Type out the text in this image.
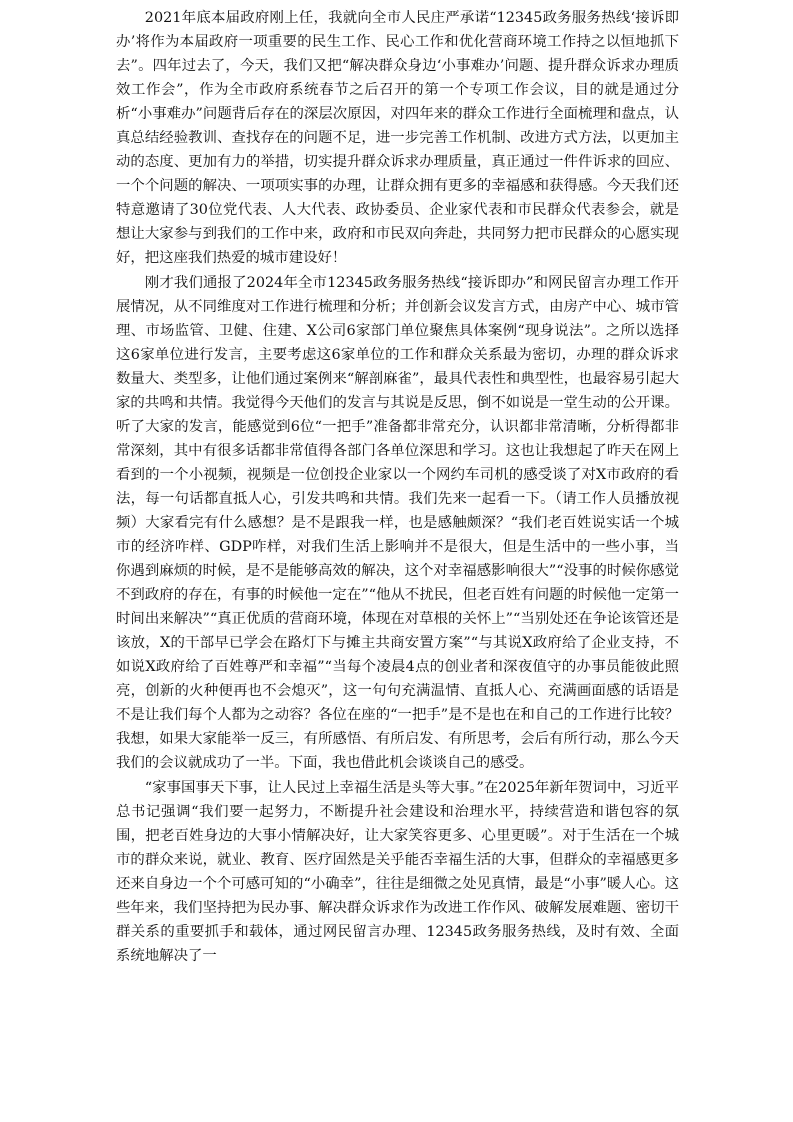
2021年底本届政府刚上任，我就向全市人民庄严承诺“12345政务服务热线‘接诉即办’将作为本届政府一项重要的民生工作、民心工作和优化营商环境工作持之以恒地抓下去”。四年过去了，今天，我们又把“解决群众身边‘小事难办’问题、提升群众诉求办理质效工作会”，作为全市政府系统春节之后召开的第一个专项工作会议，目的就是通过分析“小事难办”问题背后存在的深层次原因，对四年来的群众工作进行全面梳理和盘点，认真总结经验教训、查找存在的问题不足，进一步完善工作机制、改进方式方法，以更加主动的态度、更加有力的举措，切实提升群众诉求办理质量，真正通过一件件诉求的回应、一个个问题的解决、一项项实事的办理，让群众拥有更多的幸福感和获得感。今天我们还特意邀请了30位党代表、人大代表、政协委员、企业家代表和市民群众代表参会，就是想让大家参与到我们的工作中来，政府和市民双向奔赴，共同努力把市民群众的心愿实现好，把这座我们热爱的城市建设好！

刚才我们通报了2024年全市12345政务服务热线“接诉即办”和网民留言办理工作开展情况，从不同维度对工作进行梳理和分析；并创新会议发言方式，由房产中心、城市管理、市场监管、卫健、住建、X公司6家部门单位聚焦具体案例“现身说法”。之所以选择这6家单位进行发言，主要考虑这6家单位的工作和群众关系最为密切，办理的群众诉求数量大、类型多，让他们通过案例来“解剖麻雀”，最具代表性和典型性，也最容易引起大家的共鸣和共情。我觉得今天他们的发言与其说是反思，倒不如说是一堂生动的公开课。听了大家的发言，能感觉到6位“一把手”准备都非常充分，认识都非常清晰，分析得都非常深刻，其中有很多话都非常值得各部门各单位深思和学习。这也让我想起了昨天在网上看到的一个小视频，视频是一位创投企业家以一个网约车司机的感受谈了对X市政府的看法，每一句话都直抵人心，引发共鸣和共情。我们先来一起看一下。（请工作人员播放视频）大家看完有什么感想？是不是跟我一样，也是感触颇深？“我们老百姓说实话一个城市的经济咋样、GDP咋样，对我们生活上影响并不是很大，但是生活中的一些小事，当你遇到麻烦的时候，是不是能够高效的解决，这个对幸福感影响很大”“没事的时候你感觉不到政府的存在，有事的时候他一定在”“他从不扰民，但老百姓有问题的时候他一定第一时间出来解决”“真正优质的营商环境，体现在对草根的关怀上”“当别处还在争论该管还是该放，X的干部早已学会在路灯下与摊主共商安置方案”“与其说X政府给了企业支持，不如说X政府给了百姓尊严和幸福”“当每个凌晨4点的创业者和深夜值守的办事员能彼此照亮，创新的火种便再也不会熄灭”，这一句句充满温情、直抵人心、充满画面感的话语是不是让我们每个人都为之动容？各位在座的“一把手”是不是也在和自己的工作进行比较？我想，如果大家能举一反三，有所感悟、有所启发、有所思考，会后有所行动，那么今天我们的会议就成功了一半。下面，我也借此机会谈谈自己的感受。

“家事国事天下事，让人民过上幸福生活是头等大事。”在2025年新年贺词中，习近平总书记强调“我们要一起努力，不断提升社会建设和治理水平，持续营造和谐包容的氛围，把老百姓身边的大事小情解决好，让大家笑容更多、心里更暖”。对于生活在一个城市的群众来说，就业、教育、医疗固然是关乎能否幸福生活的大事，但群众的幸福感更多还来自身边一个个可感可知的“小确幸”，往往是细微之处见真情，最是“小事”暖人心。这些年来，我们坚持把为民办事、解决群众诉求作为改进工作作风、破解发展难题、密切干群关系的重要抓手和载体，通过网民留言办理、12345政务服务热线，及时有效、全面系统地解决了一
